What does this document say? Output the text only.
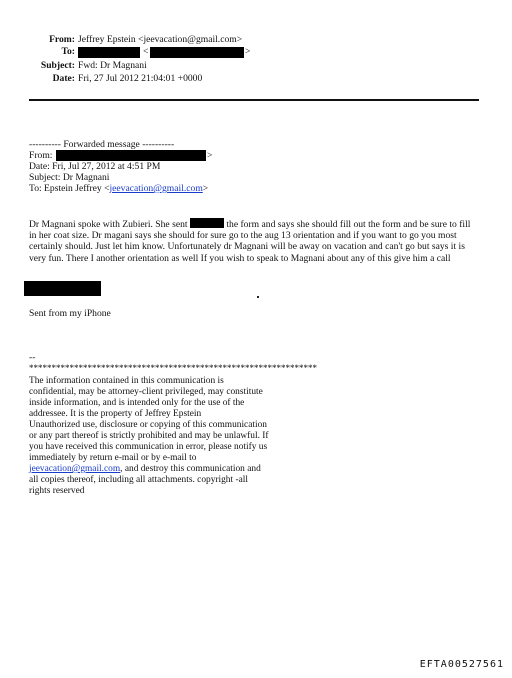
From: Jeffrey Epstein <jeevacation@gmail.com>
To:	<	>
Subject: Fwd: Dr Magnani
Date: Fri, 27 Jul 2012 21:04:01 +0000
---------- Forwarded message ----------
From:	>
Date: Fri, Jul 27, 2012 at 4:51 PM
Subject: Dr Magnani
To: Epstein Jeffrey <jeevacation@gmail.com>
Dr Magnani spoke with Zubieri. She sent	the form and says she should fill out the form and be sure to fill in her coat size. Dr magani says she should for sure go to the aug 13 orientation and if you want to go you most certainly should. Just let him know. Unfortunately dr Magnani will be away on vacation and can't go but says it is very fun. There I another orientation as well If you wish to speak to Magnani about any of this give him a call
Sent from my iPhone
--
****************************************************************
The information contained in this communication is confidential, may be attorney-client privileged, may constitute inside information, and is intended only for the use of the addressee. It is the property of Jeffrey Epstein
Unauthorized use, disclosure or copying of this communication or any part thereof is strictly prohibited and may be unlawful. If you have received this communication in error, please notify us immediately by return e-mail or by e-mail to jeevacation@gmail.com, and destroy this communication and all copies thereof, including all attachments. copyright -all rights reserved
EFTA00527561
